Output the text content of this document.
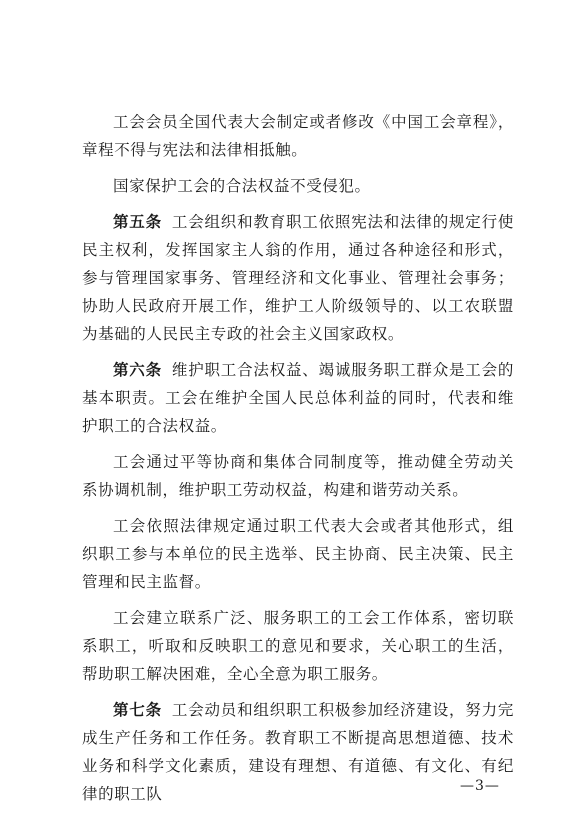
工会会员全国代表大会制定或者修改《中国工会章程》，章程不得与宪法和法律相抵触。

国家保护工会的合法权益不受侵犯。

第五条 工会组织和教育职工依照宪法和法律的规定行使民主权利，发挥国家主人翁的作用，通过各种途径和形式，参与管理国家事务、管理经济和文化事业、管理社会事务；协助人民政府开展工作，维护工人阶级领导的、以工农联盟为基础的人民民主专政的社会主义国家政权。

第六条 维护职工合法权益、竭诚服务职工群众是工会的基本职责。工会在维护全国人民总体利益的同时，代表和维护职工的合法权益。

工会通过平等协商和集体合同制度等，推动健全劳动关系协调机制，维护职工劳动权益，构建和谐劳动关系。

工会依照法律规定通过职工代表大会或者其他形式，组织职工参与本单位的民主选举、民主协商、民主决策、民主管理和民主监督。

工会建立联系广泛、服务职工的工会工作体系，密切联系职工，听取和反映职工的意见和要求，关心职工的生活，帮助职工解决困难，全心全意为职工服务。

第七条 工会动员和组织职工积极参加经济建设，努力完成生产任务和工作任务。教育职工不断提高思想道德、技术业务和科学文化素质，建设有理想、有道德、有文化、有纪律的职工队	—3—
